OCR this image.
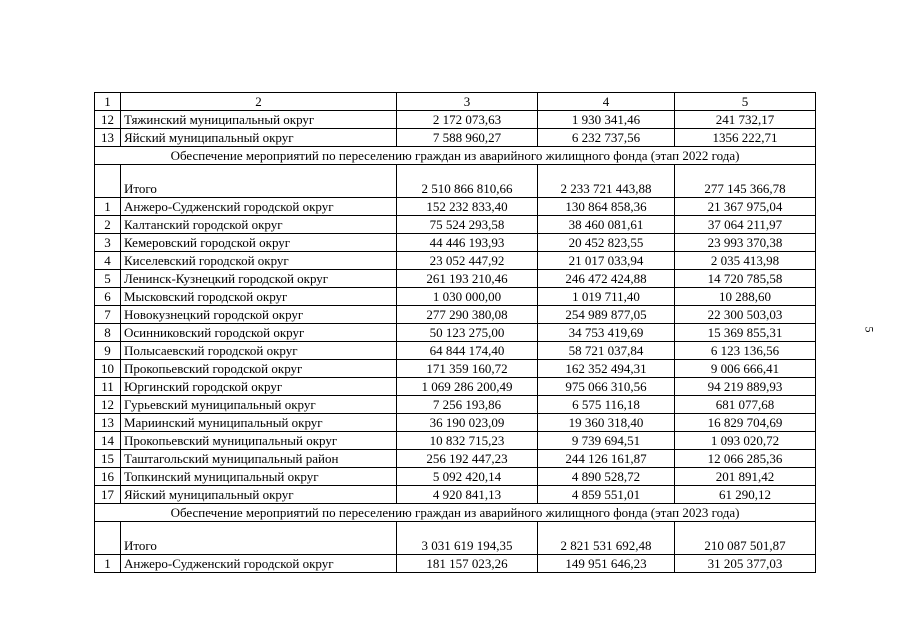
5
1	2	3	4	5
12	Тяжинский муниципальный округ	2 172 073,63	1 930 341,46	241 732,17
13	Яйский муниципальный округ	7 588 960,27	6 232 737,56	1356 222,71
Обеспечение мероприятий по переселению граждан из аварийного жилищного фонда (этап 2022 года)				
	Итого	2 510 866 810,66	2 233 721 443,88	277 145 366,78
1	Анжеро-Судженский городской округ	152 232 833,40	130 864 858,36	21 367 975,04
2	Калтанский городской округ	75 524 293,58	38 460 081,61	37 064 211,97
3	Кемеровский городской округ	44 446 193,93	20 452 823,55	23 993 370,38
4	Киселевский городской округ	23 052 447,92	21 017 033,94	2 035 413,98
5	Ленинск-Кузнецкий городской округ	261 193 210,46	246 472 424,88	14 720 785,58
6	Мысковский городской округ	1 030 000,00	1 019 711,40	10 288,60
7	Новокузнецкий городской округ	277 290 380,08	254 989 877,05	22 300 503,03
8	Осинниковский городской округ	50 123 275,00	34 753 419,69	15 369 855,31
9	Полысаевский городской округ	64 844 174,40	58 721 037,84	6 123 136,56
10	Прокопьевский городской округ	171 359 160,72	162 352 494,31	9 006 666,41
11	Юргинский городской округ	1 069 286 200,49	975 066 310,56	94 219 889,93
12	Гурьевский муниципальный округ	7 256 193,86	6 575 116,18	681 077,68
13	Мариинский муниципальный округ	36 190 023,09	19 360 318,40	16 829 704,69
14	Прокопьевский муниципальный округ	10 832 715,23	9 739 694,51	1 093 020,72
15	Таштагольский муниципальный район	256 192 447,23	244 126 161,87	12 066 285,36
16	Топкинский муниципальный округ	5 092 420,14	4 890 528,72	201 891,42
17	Яйский муниципальный округ	4 920 841,13	4 859 551,01	61 290,12
Обеспечение мероприятий по переселению граждан из аварийного жилищного фонда (этап 2023 года)				
	Итого	3 031 619 194,35	2 821 531 692,48	210 087 501,87
1	Анжеро-Судженский городской округ	181 157 023,26	149 951 646,23	31 205 377,03
